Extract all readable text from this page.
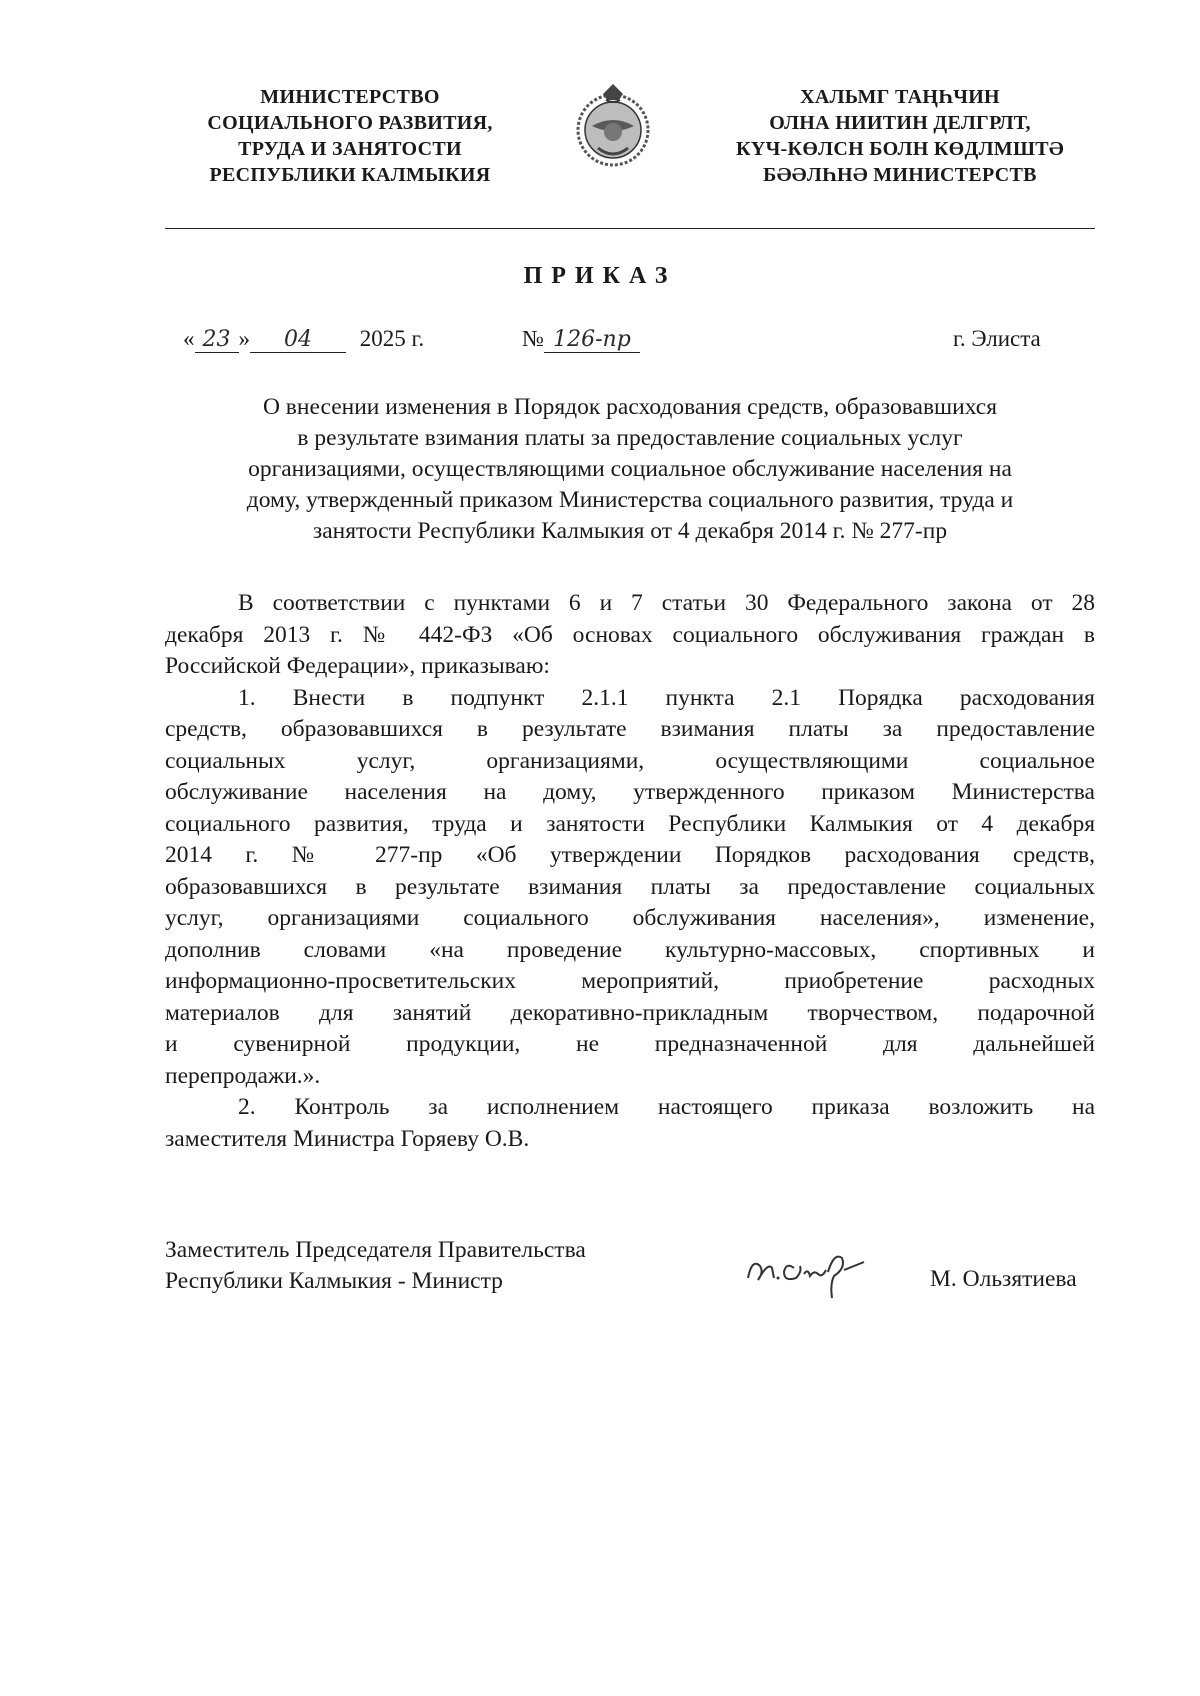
МИНИСТЕРСТВО
СОЦИАЛЬНОГО РАЗВИТИЯ,
ТРУДА И ЗАНЯТОСТИ
РЕСПУБЛИКИ КАЛМЫКИЯ
ХАЛЬМГ ТАҢҺЧИН
ОЛНА НИИТИН ДЕЛГРЛТ,
КҮЧ-КӨЛСН БОЛН КӨДЛМШТӘ
БӘӘЛҺНӘ МИНИСТЕРСТВ
ПРИКАЗ
« 23 » 04 2025 г.	№ 126-пр	г. Элиста
О внесении изменения в Порядок расходования средств, образовавшихся
в результате взимания платы за предоставление социальных услуг
организациями, осуществляющими социальное обслуживание населения на
дому, утвержденный приказом Министерства социального развития, труда и
занятости Республики Калмыкия от 4 декабря 2014 г. № 277-пр
В соответствии с пунктами 6 и 7 статьи 30 Федерального закона от 28
декабря 2013 г. № 442-ФЗ «Об основах социального обслуживания граждан в
Российской Федерации», приказываю:
1. Внести в подпункт 2.1.1 пункта 2.1 Порядка расходования
средств, образовавшихся в результате взимания платы за предоставление
социальных услуг, организациями, осуществляющими социальное
обслуживание населения на дому, утвержденного приказом Министерства
социального развития, труда и занятости Республики Калмыкия от 4 декабря
2014 г. № 277-пр «Об утверждении Порядков расходования средств,
образовавшихся в результате взимания платы за предоставление социальных
услуг, организациями социального обслуживания населения», изменение,
дополнив словами «на проведение культурно-массовых, спортивных и
информационно-просветительских мероприятий, приобретение расходных
материалов для занятий декоративно-прикладным творчеством, подарочной
и сувенирной продукции, не предназначенной для дальнейшей
перепродажи.».
2. Контроль за исполнением настоящего приказа возложить на
заместителя Министра Горяеву О.В.
Заместитель Председателя Правительства
Республики Калмыкия - Министр	М. Ользятиева
